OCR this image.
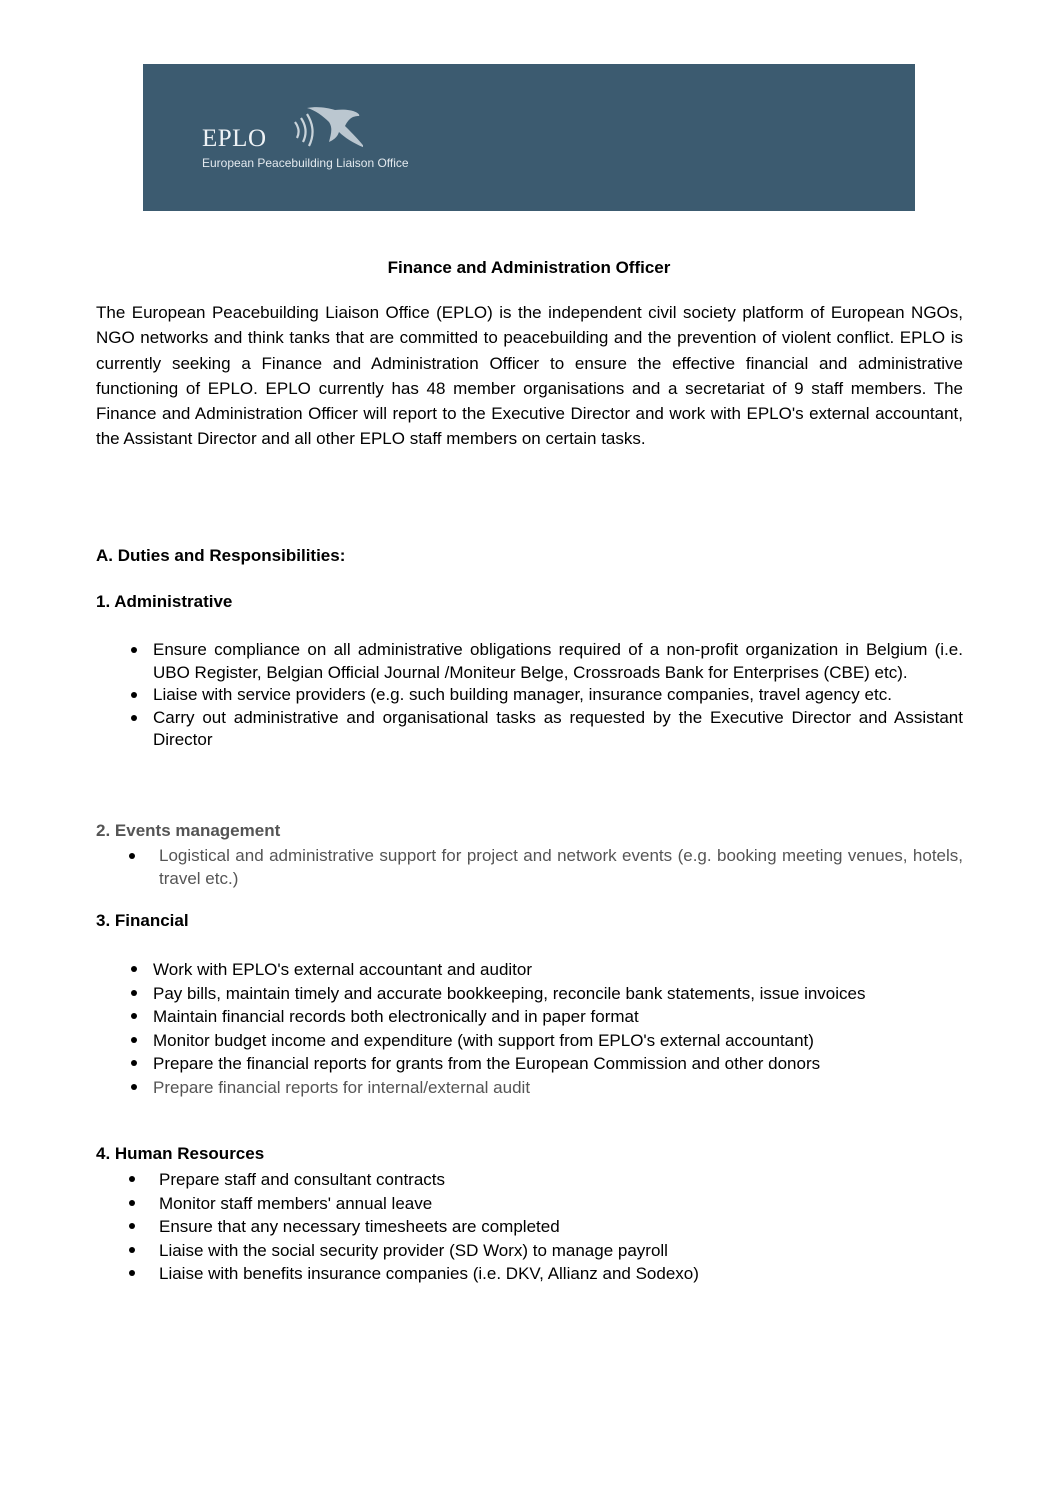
EPLO
European Peacebuilding Liaison Office
Finance and Administration Officer

The European Peacebuilding Liaison Office (EPLO) is the independent civil society platform of European NGOs, NGO networks and think tanks that are committed to peacebuilding and the prevention of violent conflict. EPLO is currently seeking a Finance and Administration Officer to ensure the effective financial and administrative functioning of EPLO. EPLO currently has 48 member organisations and a secretariat of 9 staff members. The Finance and Administration Officer will report to the Executive Director and work with EPLO's external accountant, the Assistant Director and all other EPLO staff members on certain tasks.

A. Duties and Responsibilities:
1. Administrative
Ensure compliance on all administrative obligations required of a non-profit organization in Belgium (i.e. UBO Register, Belgian Official Journal /Moniteur Belge, Crossroads Bank for Enterprises (CBE) etc).
Liaise with service providers (e.g. such building manager, insurance companies, travel agency etc.
Carry out administrative and organisational tasks as requested by the Executive Director and Assistant Director
2. Events management
Logistical and administrative support for project and network events (e.g. booking meeting venues, hotels, travel etc.)
3. Financial
Work with EPLO's external accountant and auditor
Pay bills, maintain timely and accurate bookkeeping, reconcile bank statements, issue invoices
Maintain financial records both electronically and in paper format
Monitor budget income and expenditure (with support from EPLO's external accountant)
Prepare the financial reports for grants from the European Commission and other donors
Prepare financial reports for internal/external audit
4. Human Resources
Prepare staff and consultant contracts
Monitor staff members' annual leave
Ensure that any necessary timesheets are completed
Liaise with the social security provider (SD Worx) to manage payroll
Liaise with benefits insurance companies (i.e. DKV, Allianz and Sodexo)
